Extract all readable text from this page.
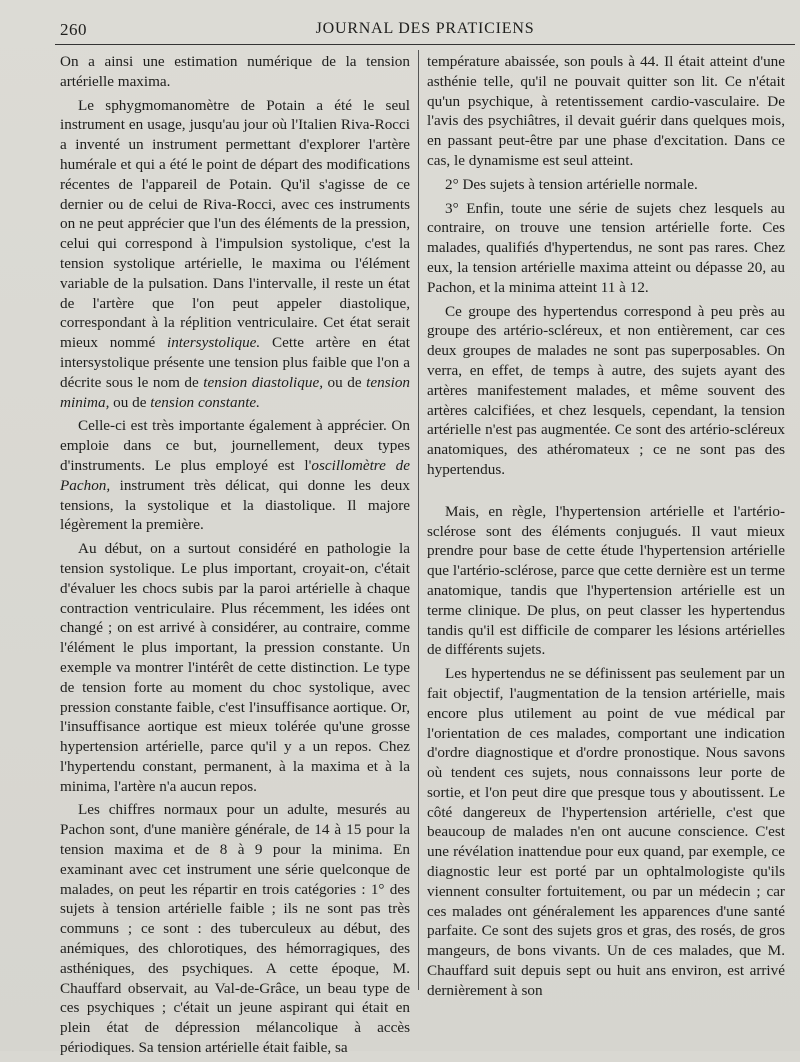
260	JOURNAL DES PRATICIENS

On a ainsi une estimation numérique de la tension artérielle maxima.

Le sphygmomanomètre de Potain a été le seul instrument en usage, jusqu'au jour où l'Italien Riva-Rocci a inventé un instrument permettant d'explorer l'artère humérale et qui a été le point de départ des modifications récentes de l'appareil de Potain. Qu'il s'agisse de ce dernier ou de celui de Riva-Rocci, avec ces instruments on ne peut apprécier que l'un des éléments de la pression, celui qui correspond à l'impulsion systolique, c'est la tension systolique artérielle, le maxima ou l'élément variable de la pulsation. Dans l'intervalle, il reste un état de l'artère que l'on peut appeler diastolique, correspondant à la réplition ventriculaire. Cet état serait mieux nommé intersystolique. Cette artère en état intersystolique présente une tension plus faible que l'on a décrite sous le nom de tension diastolique, ou de tension minima, ou de tension constante.

Celle-ci est très importante également à apprécier. On emploie dans ce but, journellement, deux types d'instruments. Le plus employé est l'oscillomètre de Pachon, instrument très délicat, qui donne les deux tensions, la systolique et la diastolique. Il majore légèrement la première.

Au début, on a surtout considéré en pathologie la tension systolique. Le plus important, croyait-on, c'était d'évaluer les chocs subis par la paroi artérielle à chaque contraction ventriculaire. Plus récemment, les idées ont changé ; on est arrivé à considérer, au contraire, comme l'élément le plus important, la pression constante. Un exemple va montrer l'intérêt de cette distinction. Le type de tension forte au moment du choc systolique, avec pression constante faible, c'est l'insuffisance aortique. Or, l'insuffisance aortique est mieux tolérée qu'une grosse hypertension artérielle, parce qu'il y a un repos. Chez l'hypertendu constant, permanent, à la maxima et à la minima, l'artère n'a aucun repos.

Les chiffres normaux pour un adulte, mesurés au Pachon sont, d'une manière générale, de 14 à 15 pour la tension maxima et de 8 à 9 pour la minima. En examinant avec cet instrument une série quelconque de malades, on peut les répartir en trois catégories : 1° des sujets à tension artérielle faible ; ils ne sont pas très communs ; ce sont : des tuberculeux au début, des anémiques, des chlorotiques, des hémorragiques, des asthéniques, des psychiques. A cette époque, M. Chauffard observait, au Val-de-Grâce, un beau type de ces psychiques ; c'était un jeune aspirant qui était en plein état de dépression mélancolique à accès périodiques. Sa tension artérielle était faible, sa

température abaissée, son pouls à 44. Il était atteint d'une asthénie telle, qu'il ne pouvait quitter son lit. Ce n'était qu'un psychique, à retentissement cardio-vasculaire. De l'avis des psychiâtres, il devait guérir dans quelques mois, en passant peut-être par une phase d'excitation. Dans ce cas, le dynamisme est seul atteint.

2° Des sujets à tension artérielle normale.

3° Enfin, toute une série de sujets chez lesquels au contraire, on trouve une tension artérielle forte. Ces malades, qualifiés d'hypertendus, ne sont pas rares. Chez eux, la tension artérielle maxima atteint ou dépasse 20, au Pachon, et la minima atteint 11 à 12.

Ce groupe des hypertendus correspond à peu près au groupe des artério-scléreux, et non entièrement, car ces deux groupes de malades ne sont pas superposables. On verra, en effet, de temps à autre, des sujets ayant des artères manifestement malades, et même souvent des artères calcifiées, et chez lesquels, cependant, la tension artérielle n'est pas augmentée. Ce sont des artério-scléreux anatomiques, des athéromateux ; ce ne sont pas des hypertendus.

Mais, en règle, l'hypertension artérielle et l'artério-sclérose sont des éléments conjugués. Il vaut mieux prendre pour base de cette étude l'hypertension artérielle que l'artério-sclérose, parce que cette dernière est un terme anatomique, tandis que l'hypertension artérielle est un terme clinique. De plus, on peut classer les hypertendus tandis qu'il est difficile de comparer les lésions artérielles de différents sujets.

Les hypertendus ne se définissent pas seulement par un fait objectif, l'augmentation de la tension artérielle, mais encore plus utilement au point de vue médical par l'orientation de ces malades, comportant une indication d'ordre diagnostique et d'ordre pronostique. Nous savons où tendent ces sujets, nous connaissons leur porte de sortie, et l'on peut dire que presque tous y aboutissent. Le côté dangereux de l'hypertension artérielle, c'est que beaucoup de malades n'en ont aucune conscience. C'est une révélation inattendue pour eux quand, par exemple, ce diagnostic leur est porté par un ophtalmologiste qu'ils viennent consulter fortuitement, ou par un médecin ; car ces malades ont généralement les apparences d'une santé parfaite. Ce sont des sujets gros et gras, des rosés, de gros mangeurs, de bons vivants. Un de ces malades, que M. Chauffard suit depuis sept ou huit ans environ, est arrivé dernièrement à son
